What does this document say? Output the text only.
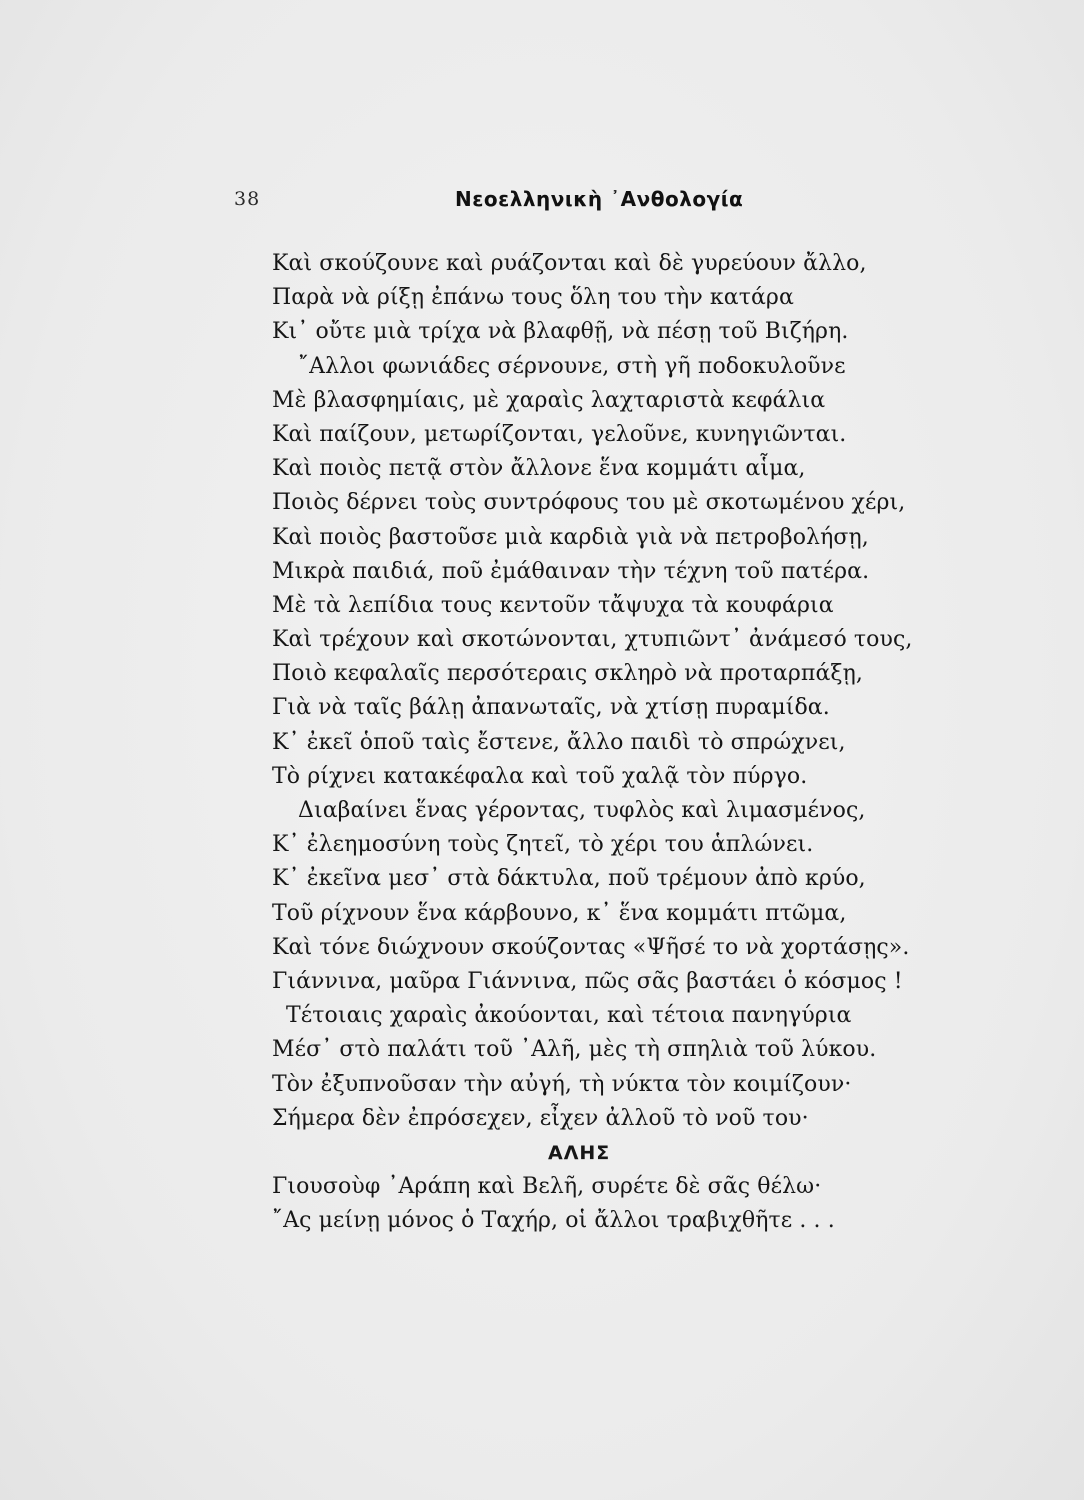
38	Νεοελληνικὴ ᾿Ανθολογία
Καὶ σκούζουνε καὶ ρυάζονται καὶ δὲ γυρεύουν ἄλλο,
Παρὰ νὰ ρίξῃ ἐπάνω τους ὅλη του τὴν κατάρα
Κι᾿ οὔτε μιὰ τρίχα νὰ βλαφθῇ, νὰ πέσῃ τοῦ Βιζήρη.
῎Αλλοι φωνιάδες σέρνουνε, στὴ γῆ ποδοκυλοῦνε
Μὲ βλασφημίαις, μὲ χαραὶς λαχταριστὰ κεφάλια
Καὶ παίζουν, μετωρίζονται, γελοῦνε, κυνηγιῶνται.
Καὶ ποιὸς πετᾷ στὸν ἄλλονε ἕνα κομμάτι αἷμα,
Ποιὸς δέρνει τοὺς συντρόφους του μὲ σκοτωμένου χέρι,
Καὶ ποιὸς βαστοῦσε μιὰ καρδιὰ γιὰ νὰ πετροβολήσῃ,
Μικρὰ παιδιά, ποῦ ἐμάθαιναν τὴν τέχνη τοῦ πατέρα.
Μὲ τὰ λεπίδια τους κεντοῦν τἄψυχα τὰ κουφάρια
Καὶ τρέχουν καὶ σκοτώνονται, χτυπιῶντ᾿ ἀνάμεσό τους,
Ποιὸ κεφαλαῖς περσότεραις σκληρὸ νὰ προταρπάξῃ,
Γιὰ νὰ ταῖς βάλῃ ἀπανωταῖς, νὰ χτίσῃ πυραμίδα.
Κ᾿ ἐκεῖ ὁποῦ ταὶς ἔστενε, ἄλλο παιδὶ τὸ σπρώχνει,
Τὸ ρίχνει κατακέφαλα καὶ τοῦ χαλᾷ τὸν πύργο.
Διαβαίνει ἕνας γέροντας, τυφλὸς καὶ λιμασμένος,
Κ᾿ ἐλεημοσύνη τοὺς ζητεῖ, τὸ χέρι του ἁπλώνει.
Κ᾿ ἐκεῖνα μεσ᾿ στὰ δάκτυλα, ποῦ τρέμουν ἀπὸ κρύο,
Τοῦ ρίχνουν ἕνα κάρβουνο, κ᾿ ἕνα κομμάτι πτῶμα,
Καὶ τόνε διώχνουν σκούζοντας «Ψῆσέ το νὰ χορτάσῃς».
Γιάννινα, μαῦρα Γιάννινα, πῶς σᾶς βαστάει ὁ κόσμος !
Τέτοιαις χαραὶς ἀκούονται, καὶ τέτοια πανηγύρια
Μέσ᾿ στὸ παλάτι τοῦ ᾿Αλῆ, μὲς τὴ σπηλιὰ τοῦ λύκου.
Τὸν ἐξυπνοῦσαν τὴν αὐγή, τὴ νύκτα τὸν κοιμίζουν·
Σήμερα δὲν ἐπρόσεχεν, εἶχεν ἀλλοῦ τὸ νοῦ του·
ΑΛΗΣ
Γιουσοὺφ ᾿Αράπη καὶ Βελῆ, συρέτε δὲ σᾶς θέλω·
῎Ας μείνῃ μόνος ὁ Ταχήρ, οἱ ἄλλοι τραβιχθῆτε . . .
